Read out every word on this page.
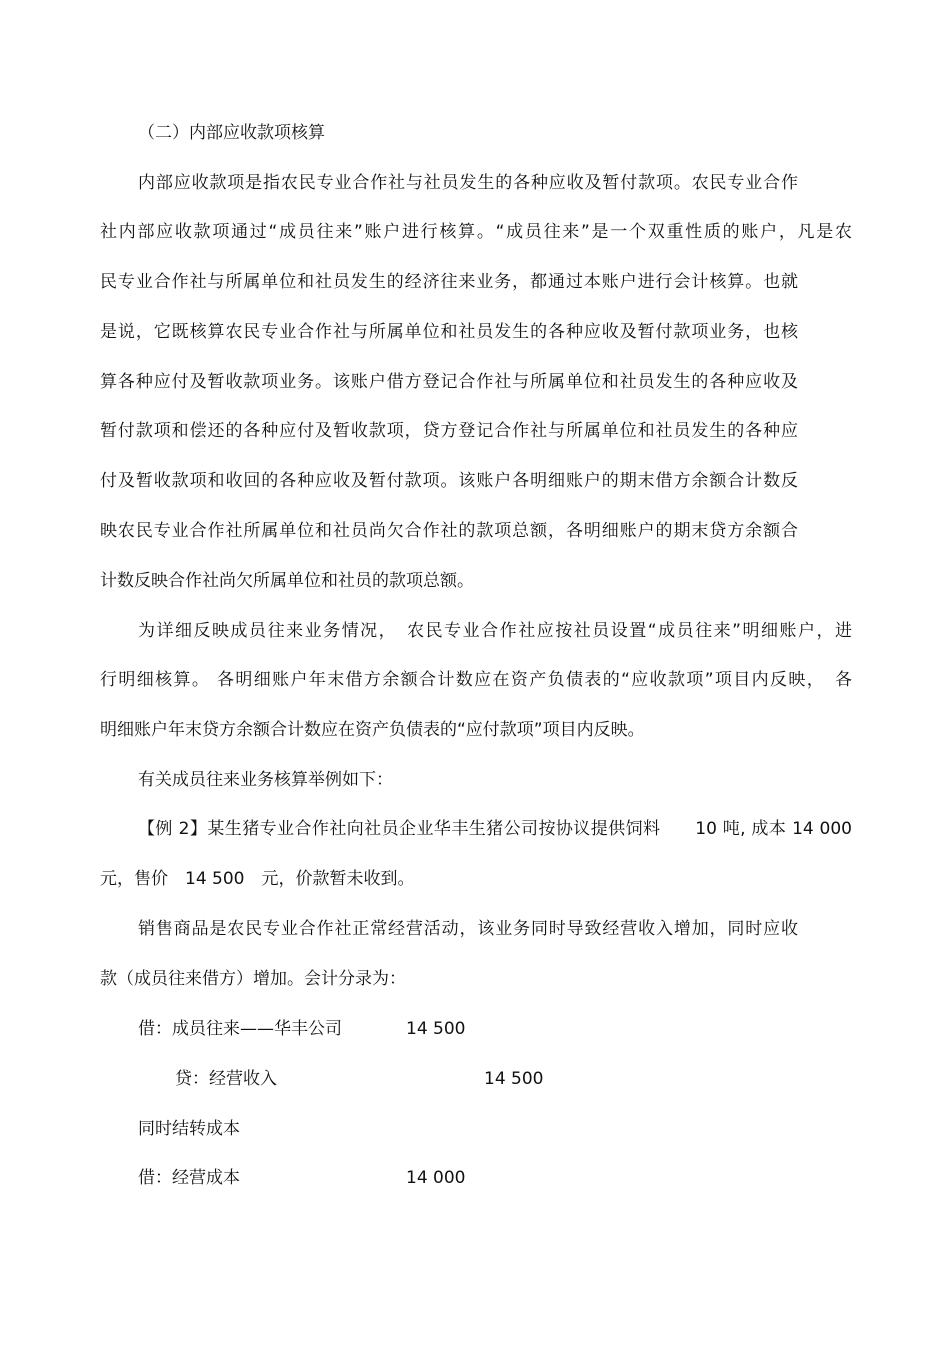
（二）内部应收款项核算
内部应收款项是指农民专业合作社与社员发生的各种应收及暂付款项。农民专业合作
社内部应收款项通过“成员往来”账户进行核算。“成员往来”是一个双重性质的账户，凡是农
民专业合作社与所属单位和社员发生的经济往来业务，都通过本账户进行会计核算。也就
是说，它既核算农民专业合作社与所属单位和社员发生的各种应收及暂付款项业务，也核
算各种应付及暂收款项业务。该账户借方登记合作社与所属单位和社员发生的各种应收及
暂付款项和偿还的各种应付及暂收款项，贷方登记合作社与所属单位和社员发生的各种应
付及暂收款项和收回的各种应收及暂付款项。该账户各明细账户的期末借方余额合计数反
映农民专业合作社所属单位和社员尚欠合作社的款项总额，各明细账户的期末贷方余额合
计数反映合作社尚欠所属单位和社员的款项总额。
为详细反映成员往来业务情况，　农民专业合作社应按社员设置“成员往来”明细账户，进
行明细核算。 各明细账户年末借方余额合计数应在资产负债表的“应收款项”项目内反映，　各
明细账户年末贷方余额合计数应在资产负债表的“应付款项”项目内反映。
有关成员往来业务核算举例如下：
【例 2】某生猪专业合作社向社员企业华丰生猪公司按协议提供饲料　　10 吨, 成本 14 000
元，售价　14 500　元，价款暂未收到。
销售商品是农民专业合作社正常经营活动，该业务同时导致经营收入增加，同时应收
款（成员往来借方）增加。会计分录为：
借：成员往来——华丰公司	14 500
贷：经营收入	14 500
同时结转成本
借：经营成本	14 000
